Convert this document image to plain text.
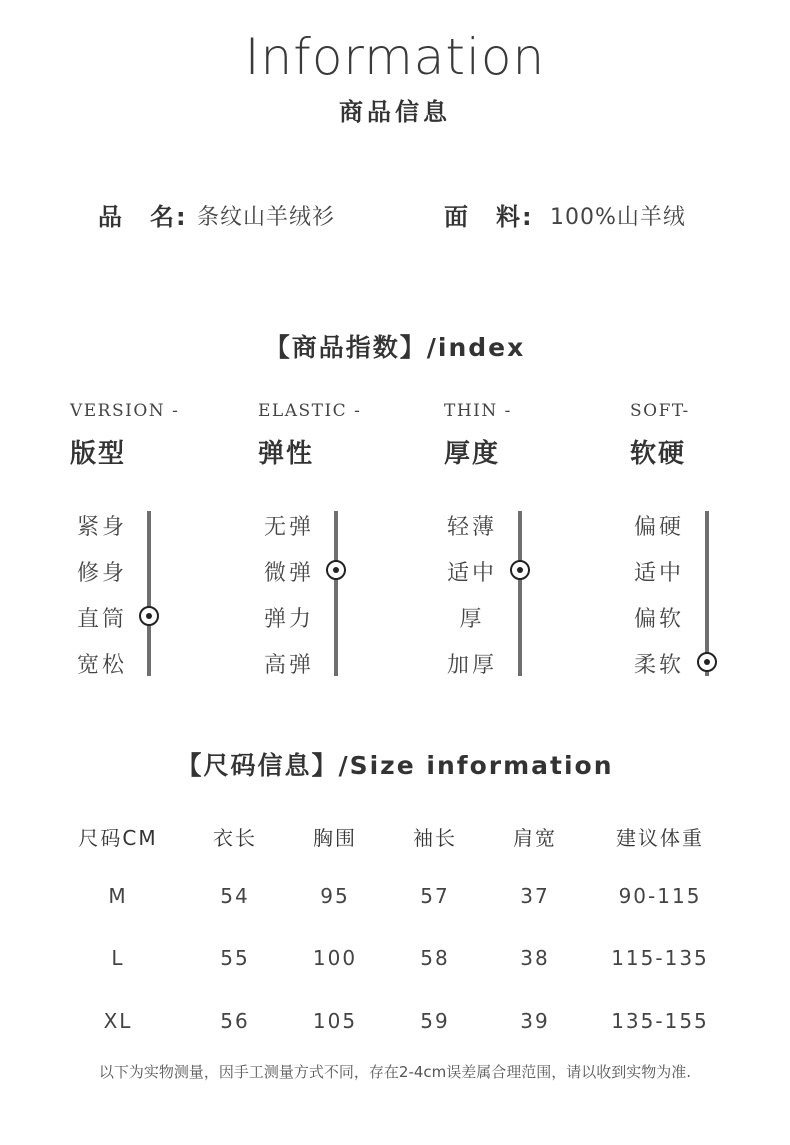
Information
商品信息
品　名: 条纹山羊绒衫	面　料: 100%山羊绒
【商品指数】/index
VERSION -
版型
紧身
修身
直筒
宽松
ELASTIC -
弹性
无弹
微弹
弹力
高弹
THIN -
厚度
轻薄
适中
厚
加厚
SOFT-
软硬
偏硬
适中
偏软
柔软
【尺码信息】/Size information
尺码CM	衣长	胸围	袖长	肩宽	建议体重
M	54	95	57	37	90-115
L	55	100	58	38	115-135
XL	56	105	59	39	135-155
以下为实物测量，因手工测量方式不同，存在2-4cm误差属合理范围，请以收到实物为准.
